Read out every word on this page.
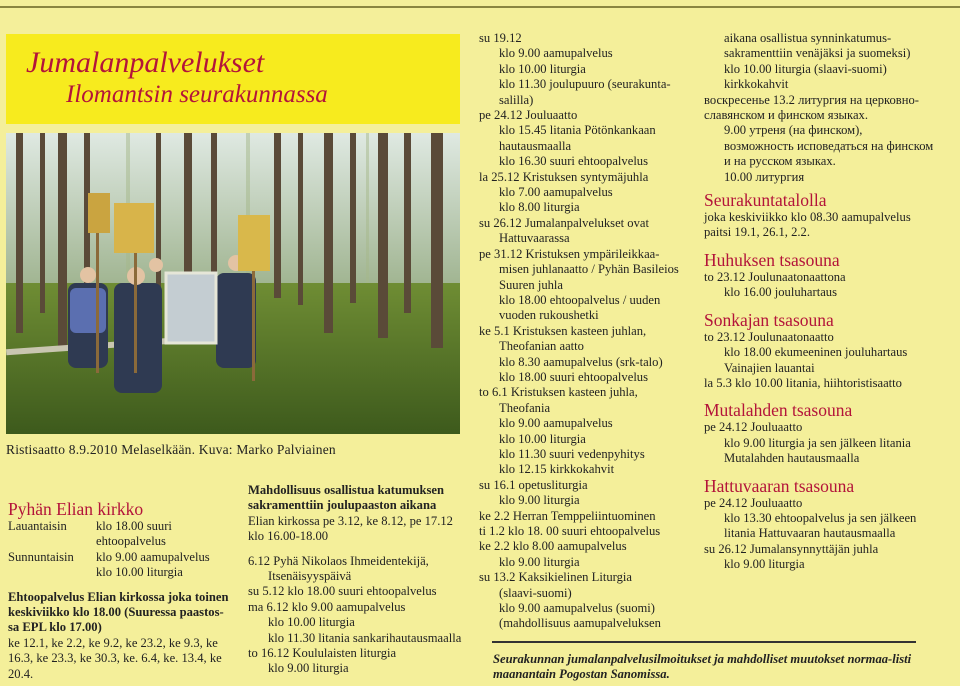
Jumalanpalvelukset
Ilomantsin seurakunnassa
Ristisaatto 8.9.2010 Melaselkään. Kuva: Marko Palviainen

Pyhän Elian kirkko

Lauantaisin	klo 18.00 suuri
ehtoopalvelus
Sunnuntaisin	klo 9.00 aamupalvelus
klo 10.00 liturgia

Ehtoopalvelus Elian kirkossa joka toinen

keskiviikko klo 18.00 (Suuressa paastos-

sa EPL klo 17.00)

ke 12.1, ke 2.2, ke 9.2, ke 23.2, ke 9.3, ke

16.3, ke 23.3, ke 30.3, ke. 6.4, ke. 13.4, ke

20.4.

Mahdollisuus osallistua katumuksen

sakramenttiin joulupaaston aikana

Elian kirkossa pe 3.12, ke 8.12, pe 17.12

klo 16.00-18.00

6.12 Pyhä Nikolaos Ihmeidentekijä,

Itsenäisyyspäivä

su 5.12 klo 18.00 suuri ehtoopalvelus

ma 6.12 klo 9.00 aamupalvelus

klo 10.00 liturgia

klo 11.30 litania sankarihautausmaalla

to 16.12 Koululaisten liturgia

klo 9.00 liturgia

su 19.12

klo 9.00 aamupalvelus

klo 10.00 liturgia

klo 11.30 joulupuuro (seurakunta-

salilla)

pe 24.12 Jouluaatto

klo 15.45 litania Pötönkankaan

hautausmaalla

klo 16.30 suuri ehtoopalvelus

la 25.12 Kristuksen syntymäjuhla

klo 7.00 aamupalvelus

klo 8.00 liturgia

su 26.12 Jumalanpalvelukset ovat

Hattuvaarassa

pe 31.12 Kristuksen ympärileikkaa-

misen juhlanaatto / Pyhän Basileios

Suuren juhla

klo 18.00 ehtoopalvelus / uuden

vuoden rukoushetki

ke 5.1 Kristuksen kasteen juhlan,

Theofanian aatto

klo 8.30 aamupalvelus (srk-talo)

klo 18.00 suuri ehtoopalvelus

to 6.1 Kristuksen kasteen juhla,

Theofania

klo 9.00 aamupalvelus

klo 10.00 liturgia

klo 11.30 suuri vedenpyhitys

klo 12.15 kirkkokahvit

su 16.1 opetusliturgia

klo 9.00 liturgia

ke 2.2 Herran Temppeliintuominen

ti 1.2 klo 18. 00 suuri ehtoopalvelus

ke 2.2 klo 8.00 aamupalvelus

klo 9.00 liturgia

su 13.2 Kaksikielinen Liturgia

(slaavi-suomi)

klo 9.00 aamupalvelus (suomi)

(mahdollisuus aamupalveluksen

aikana osallistua synninkatumus-

sakramenttiin venäjäksi ja suomeksi)

klo 10.00 liturgia (slaavi-suomi)

kirkkokahvit

воскресенье 13.2 литургия на церковно-

славянском и финском языках.

9.00 утреня (на финском),

возможность исповедаться на финском

и на русском языках.

10.00 литургия

Seurakuntatalolla

joka keskiviikko klo 08.30 aamupalvelus

paitsi 19.1, 26.1, 2.2.

Huhuksen tsasouna

to 23.12 Joulunaatonaattona

klo 16.00 jouluhartaus

Sonkajan tsasouna

to 23.12 Joulunaatonaatto

klo 18.00 ekumeeninen jouluhartaus

Vainajien lauantai

la 5.3 klo 10.00 litania, hiihtoristisaatto

Mutalahden tsasouna

pe 24.12 Jouluaatto

klo 9.00 liturgia ja sen jälkeen litania

Mutalahden hautausmaalla

Hattuvaaran tsasouna

pe 24.12 Jouluaatto

klo 13.30 ehtoopalvelus ja sen jälkeen

litania Hattuvaaran hautausmaalla

su 26.12 Jumalansynnyttäjän juhla

klo 9.00 liturgia

Seurakunnan jumalanpalvelusilmoitukset ja mahdolliset muutokset normaa-listi maanantain Pogostan Sanomissa.
